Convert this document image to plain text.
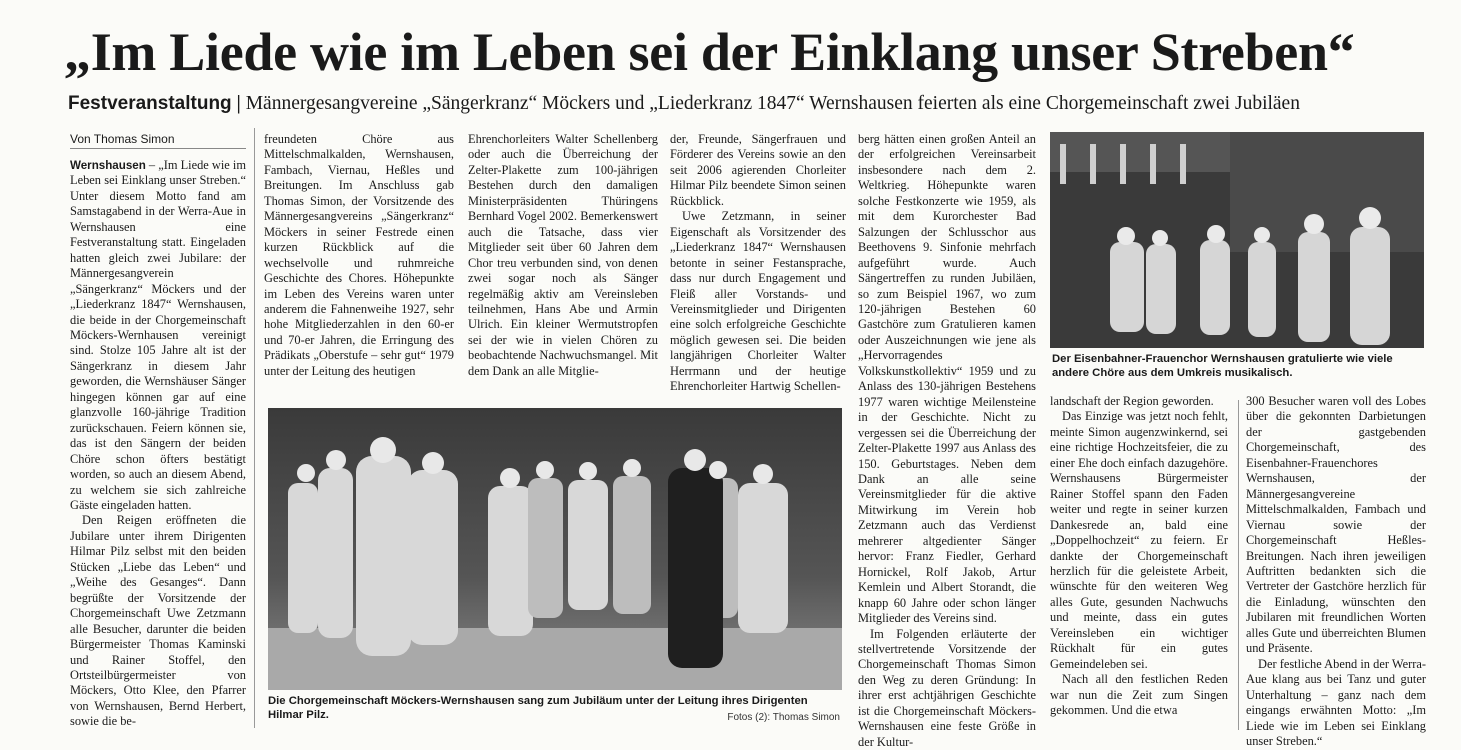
„Im Liede wie im Leben sei der Einklang unser Streben“
Festveranstaltung | Männergesangvereine „Sängerkranz“ Möckers und „Liederkranz 1847“ Wernshausen feierten als eine Chorgemeinschaft zwei Jubiläen
Von Thomas Simon

Wernshausen – „Im Liede wie im Leben sei Einklang unser Streben.“ Unter diesem Motto fand am Samstagabend in der Werra-Aue in Wernshausen eine Festveranstaltung statt. Eingeladen hatten gleich zwei Jubilare: der Männergesangverein „Sängerkranz“ Möckers und der „Liederkranz 1847“ Wernshausen, die beide in der Chorgemeinschaft Möckers-Wernhausen vereinigt sind. Stolze 105 Jahre alt ist der Sängerkranz in diesem Jahr geworden, die Wernshäuser Sänger hingegen können gar auf eine glanzvolle 160-jährige Tradition zurückschauen. Feiern können sie, das ist den Sängern der beiden Chöre schon öfters bestätigt worden, so auch an diesem Abend, zu welchem sie sich zahlreiche Gäste eingeladen hatten.

Den Reigen eröffneten die Jubilare unter ihrem Dirigenten Hilmar Pilz selbst mit den beiden Stücken „Liebe das Leben“ und „Weihe des Gesanges“. Dann begrüßte der Vorsitzende der Chorgemeinschaft Uwe Zetzmann alle Besucher, darunter die beiden Bürgermeister Thomas Kaminski und Rainer Stoffel, den Ortsteilbürgermeister von Möckers, Otto Klee, den Pfarrer von Wernshausen, Bernd Herbert, sowie die be-

freundeten Chöre aus Mittelschmalkalden, Wernshausen, Fambach, Viernau, Heßles und Breitungen. Im Anschluss gab Thomas Simon, der Vorsitzende des Männergesangvereins „Sängerkranz“ Möckers in seiner Festrede einen kurzen Rückblick auf die wechselvolle und ruhmreiche Geschichte des Chores. Höhepunkte im Leben des Vereins waren unter anderem die Fahnenweihe 1927, sehr hohe Mitgliederzahlen in den 60-er und 70-er Jahren, die Erringung des Prädikats „Oberstufe – sehr gut“ 1979 unter der Leitung des heutigen

Ehrenchorleiters Walter Schellenberg oder auch die Überreichung der Zelter-Plakette zum 100-jährigen Bestehen durch den damaligen Ministerpräsidenten Thüringens Bernhard Vogel 2002. Bemerkenswert auch die Tatsache, dass vier Mitglieder seit über 60 Jahren dem Chor treu verbunden sind, von denen zwei sogar noch als Sänger regelmäßig aktiv am Vereinsleben teilnehmen, Hans Abe und Armin Ulrich. Ein kleiner Wermutstropfen sei der wie in vielen Chören zu beobachtende Nachwuchsmangel. Mit dem Dank an alle Mitglie-

der, Freunde, Sängerfrauen und Förderer des Vereins sowie an den seit 2006 agierenden Chorleiter Hilmar Pilz beendete Simon seinen Rückblick.

Uwe Zetzmann, in seiner Eigenschaft als Vorsitzender des „Liederkranz 1847“ Wernshausen betonte in seiner Festansprache, dass nur durch Engagement und Fleiß aller Vorstands- und Vereinsmitglieder und Dirigenten eine solch erfolgreiche Geschichte möglich gewesen sei. Die beiden langjährigen Chorleiter Walter Herrmann und der heutige Ehrenchorleiter Hartwig Schellen-

berg hätten einen großen Anteil an der erfolgreichen Vereinsarbeit insbesondere nach dem 2. Weltkrieg. Höhepunkte waren solche Festkonzerte wie 1959, als mit dem Kurorchester Bad Salzungen der Schlusschor aus Beethovens 9. Sinfonie mehrfach aufgeführt wurde. Auch Sängertreffen zu runden Jubiläen, so zum Beispiel 1967, wo zum 120-jährigen Bestehen 60 Gastchöre zum Gratulieren kamen oder Auszeichnungen wie jene als „Hervorragendes Volkskunstkollektiv“ 1959 und zu Anlass des 130-jährigen Bestehens 1977 waren wichtige Meilensteine in der Geschichte. Nicht zu vergessen sei die Überreichung der Zelter-Plakette 1997 aus Anlass des 150. Geburtstages. Neben dem Dank an alle seine Vereinsmitglieder für die aktive Mitwirkung im Verein hob Zetzmann auch das Verdienst mehrerer altgedienter Sänger hervor: Franz Fiedler, Gerhard Hornickel, Rolf Jakob, Artur Kemlein und Albert Storandt, die knapp 60 Jahre oder schon länger Mitglieder des Vereins sind.

Im Folgenden erläuterte der stellvertretende Vorsitzende der Chorgemeinschaft Thomas Simon den Weg zu deren Gründung: In ihrer erst achtjährigen Geschichte ist die Chorgemeinschaft Möckers-Wernshausen eine feste Größe in der Kultur-

landschaft der Region geworden.

Das Einzige was jetzt noch fehlt, meinte Simon augenzwinkernd, sei eine richtige Hochzeitsfeier, die zu einer Ehe doch einfach dazugehöre. Wernshausens Bürgermeister Rainer Stoffel spann den Faden weiter und regte in seiner kurzen Dankesrede an, bald eine „Doppelhochzeit“ zu feiern. Er dankte der Chorgemeinschaft herzlich für die geleistete Arbeit, wünschte für den weiteren Weg alles Gute, gesunden Nachwuchs und meinte, dass ein gutes Vereinsleben ein wichtiger Rückhalt für ein gutes Gemeindeleben sei.

Nach all den festlichen Reden war nun die Zeit zum Singen gekommen. Und die etwa

300 Besucher waren voll des Lobes über die gekonnten Darbietungen der gastgebenden Chorgemeinschaft, des Eisenbahner-Frauenchores Wernshausen, der Männergesangvereine Mittelschmalkalden, Fambach und Viernau sowie der Chorgemeinschaft Heßles-Breitungen. Nach ihren jeweiligen Auftritten bedankten sich die Vertreter der Gastchöre herzlich für die Einladung, wünschten den Jubilaren mit freundlichen Worten alles Gute und überreichten Blumen und Präsente.

Der festliche Abend in der Werra-Aue klang aus bei Tanz und guter Unterhaltung – ganz nach dem eingangs erwähnten Motto: „Im Liede wie im Leben sei Einklang unser Streben.“

Die Chorgemeinschaft Möckers-Wernshausen sang zum Jubiläum unter der Leitung ihres Dirigenten Hilmar Pilz.	Fotos (2): Thomas Simon
Der Eisenbahner-Frauenchor Wernshausen gratulierte wie viele andere Chöre aus dem Umkreis musikalisch.
